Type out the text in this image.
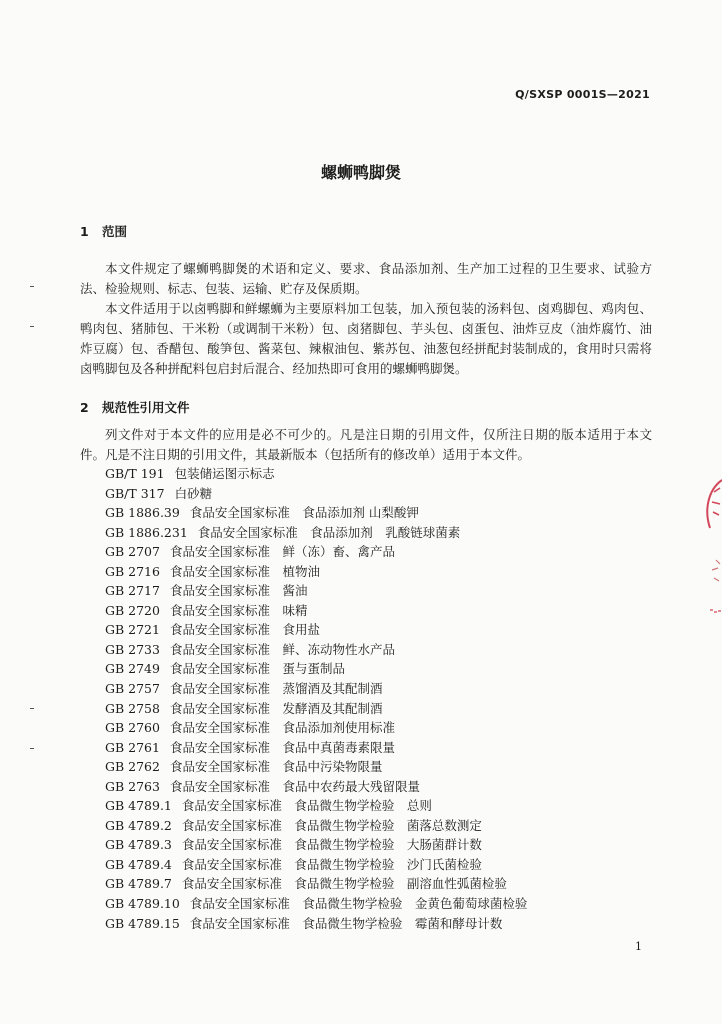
Q/SXSP 0001S—2021
螺蛳鸭脚煲
1 范围

本文件规定了螺蛳鸭脚煲的术语和定义、要求、食品添加剂、生产加工过程的卫生要求、试验方法、检验规则、标志、包装、运输、贮存及保质期。

本文件适用于以卤鸭脚和鲜螺蛳为主要原料加工包装，加入预包装的汤料包、卤鸡脚包、鸡肉包、鸭肉包、猪肺包、干米粉（或调制干米粉）包、卤猪脚包、芋头包、卤蛋包、油炸豆皮（油炸腐竹、油炸豆腐）包、香醋包、酸笋包、酱菜包、辣椒油包、紫苏包、油葱包经拼配封装制成的，食用时只需将卤鸭脚包及各种拼配料包启封后混合、经加热即可食用的螺蛳鸭脚煲。

2 规范性引用文件

列文件对于本文件的应用是必不可少的。凡是注日期的引用文件，仅所注日期的版本适用于本文件。凡是不注日期的引用文件，其最新版本（包括所有的修改单）适用于本文件。

GB/T 191 包装储运图示标志
GB/T 317 白砂糖
GB 1886.39 食品安全国家标准　食品添加剂 山梨酸钾
GB 1886.231 食品安全国家标准　食品添加剂　乳酸链球菌素
GB 2707 食品安全国家标准　鲜（冻）畜、禽产品
GB 2716 食品安全国家标准　植物油
GB 2717 食品安全国家标准　酱油
GB 2720 食品安全国家标准　味精
GB 2721 食品安全国家标准　食用盐
GB 2733 食品安全国家标准　鲜、冻动物性水产品
GB 2749 食品安全国家标准　蛋与蛋制品
GB 2757 食品安全国家标准　蒸馏酒及其配制酒
GB 2758 食品安全国家标准　发酵酒及其配制酒
GB 2760 食品安全国家标准　食品添加剂使用标准
GB 2761 食品安全国家标准　食品中真菌毒素限量
GB 2762 食品安全国家标准　食品中污染物限量
GB 2763 食品安全国家标准　食品中农药最大残留限量
GB 4789.1 食品安全国家标准　食品微生物学检验　总则
GB 4789.2 食品安全国家标准　食品微生物学检验　菌落总数测定
GB 4789.3 食品安全国家标准　食品微生物学检验　大肠菌群计数
GB 4789.4 食品安全国家标准　食品微生物学检验　沙门氏菌检验
GB 4789.7 食品安全国家标准　食品微生物学检验　副溶血性弧菌检验
GB 4789.10 食品安全国家标准　食品微生物学检验　金黄色葡萄球菌检验
GB 4789.15 食品安全国家标准　食品微生物学检验　霉菌和酵母计数
1
